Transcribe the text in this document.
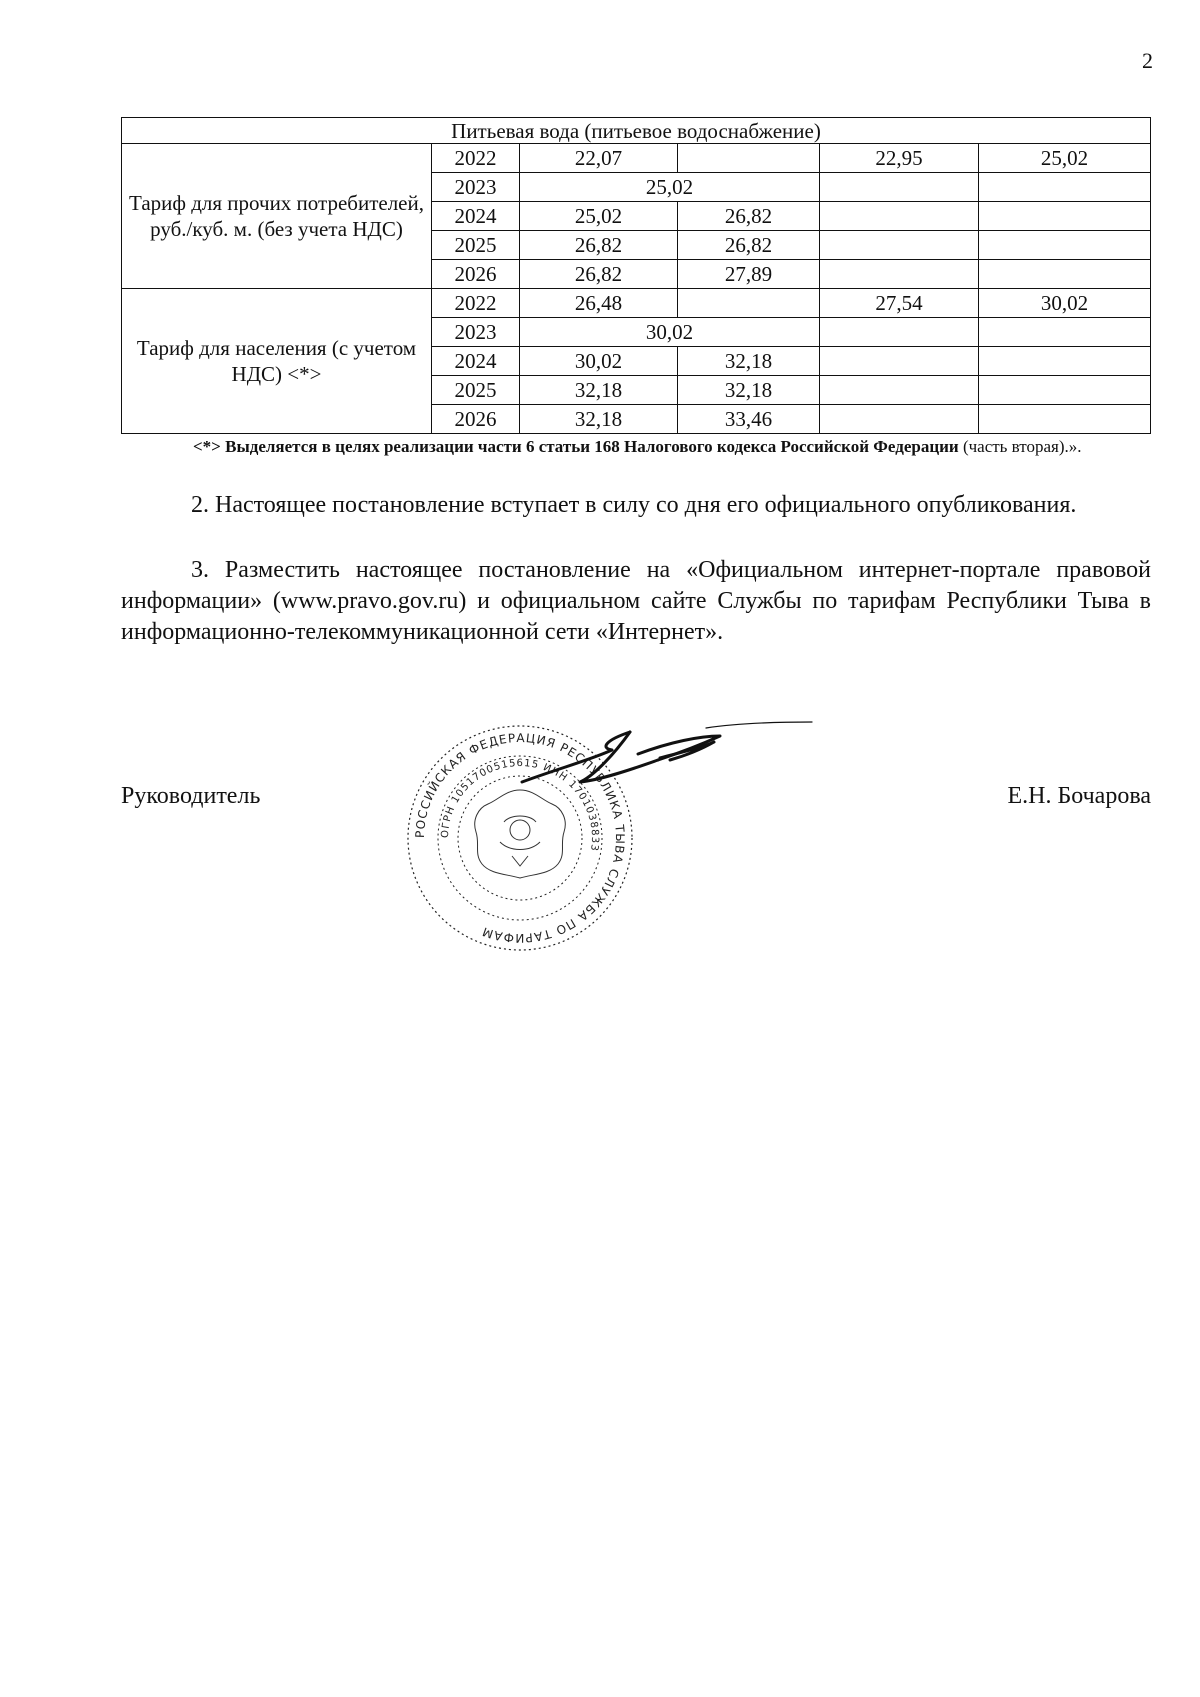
2
Питьевая вода (питьевое водоснабжение)					
Тариф для прочих потребителей, руб./куб. м. (без учета НДС)	2022	22,07		22,95	25,02
	2023	25,02			
	2024	25,02	26,82		
	2025	26,82	26,82		
	2026	26,82	27,89		
Тариф для населения (с учетом НДС) <*>	2022	26,48		27,54	30,02
	2023	30,02			
	2024	30,02	32,18		
	2025	32,18	32,18		
	2026	32,18	33,46		
<*> Выделяется в целях реализации части 6 статьи 168 Налогового кодекса Российской Федерации (часть вторая).».

2. Настоящее постановление вступает в силу со дня его официального опубликования.

3. Разместить настоящее постановление на «Официальном интернет-портале правовой информации» (www.pravo.gov.ru) и официальном сайте Службы по тарифам Республики Тыва в информационно-телекоммуникационной сети «Интернет».

Руководитель	Е.Н. Бочарова
РОССИЙСКАЯ ФЕДЕРАЦИЯ РЕСПУБЛИКА ТЫВА СЛУЖБА ПО ТАРИФАМ
ОГРН 1051700515615 ИНН 1701038833
